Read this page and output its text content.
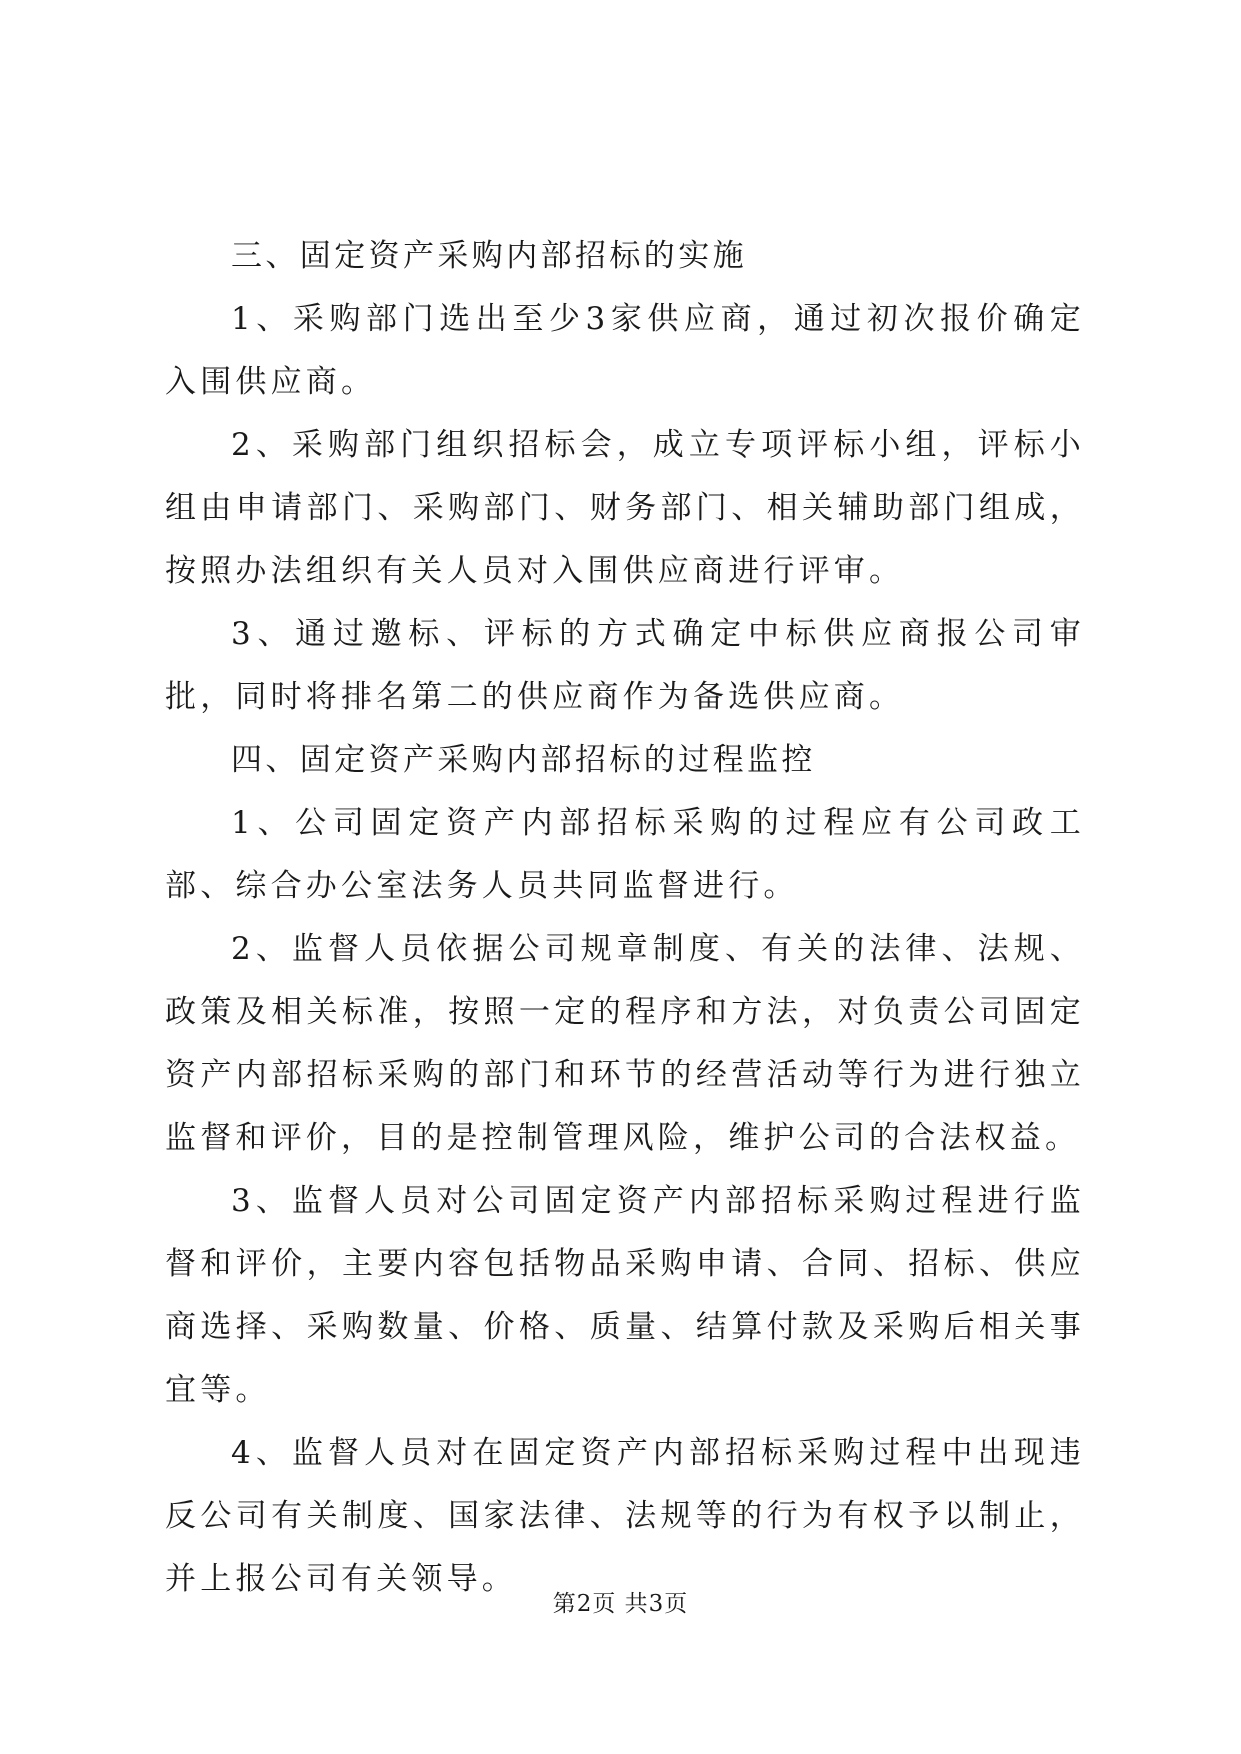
三、固定资产采购内部招标的实施

1、采购部门选出至少3家供应商，通过初次报价确定入围供应商。

2、采购部门组织招标会，成立专项评标小组，评标小组由申请部门、采购部门、财务部门、相关辅助部门组成，按照办法组织有关人员对入围供应商进行评审。

3、通过邀标、评标的方式确定中标供应商报公司审批，同时将排名第二的供应商作为备选供应商。

四、固定资产采购内部招标的过程监控

1、公司固定资产内部招标采购的过程应有公司政工部、综合办公室法务人员共同监督进行。

2、监督人员依据公司规章制度、有关的法律、法规、政策及相关标准，按照一定的程序和方法，对负责公司固定资产内部招标采购的部门和环节的经营活动等行为进行独立监督和评价，目的是控制管理风险，维护公司的合法权益。

3、监督人员对公司固定资产内部招标采购过程进行监督和评价，主要内容包括物品采购申请、合同、招标、供应商选择、采购数量、价格、质量、结算付款及采购后相关事宜等。

4、监督人员对在固定资产内部招标采购过程中出现违反公司有关制度、国家法律、法规等的行为有权予以制止，并上报公司有关领导。

第2页 共3页
